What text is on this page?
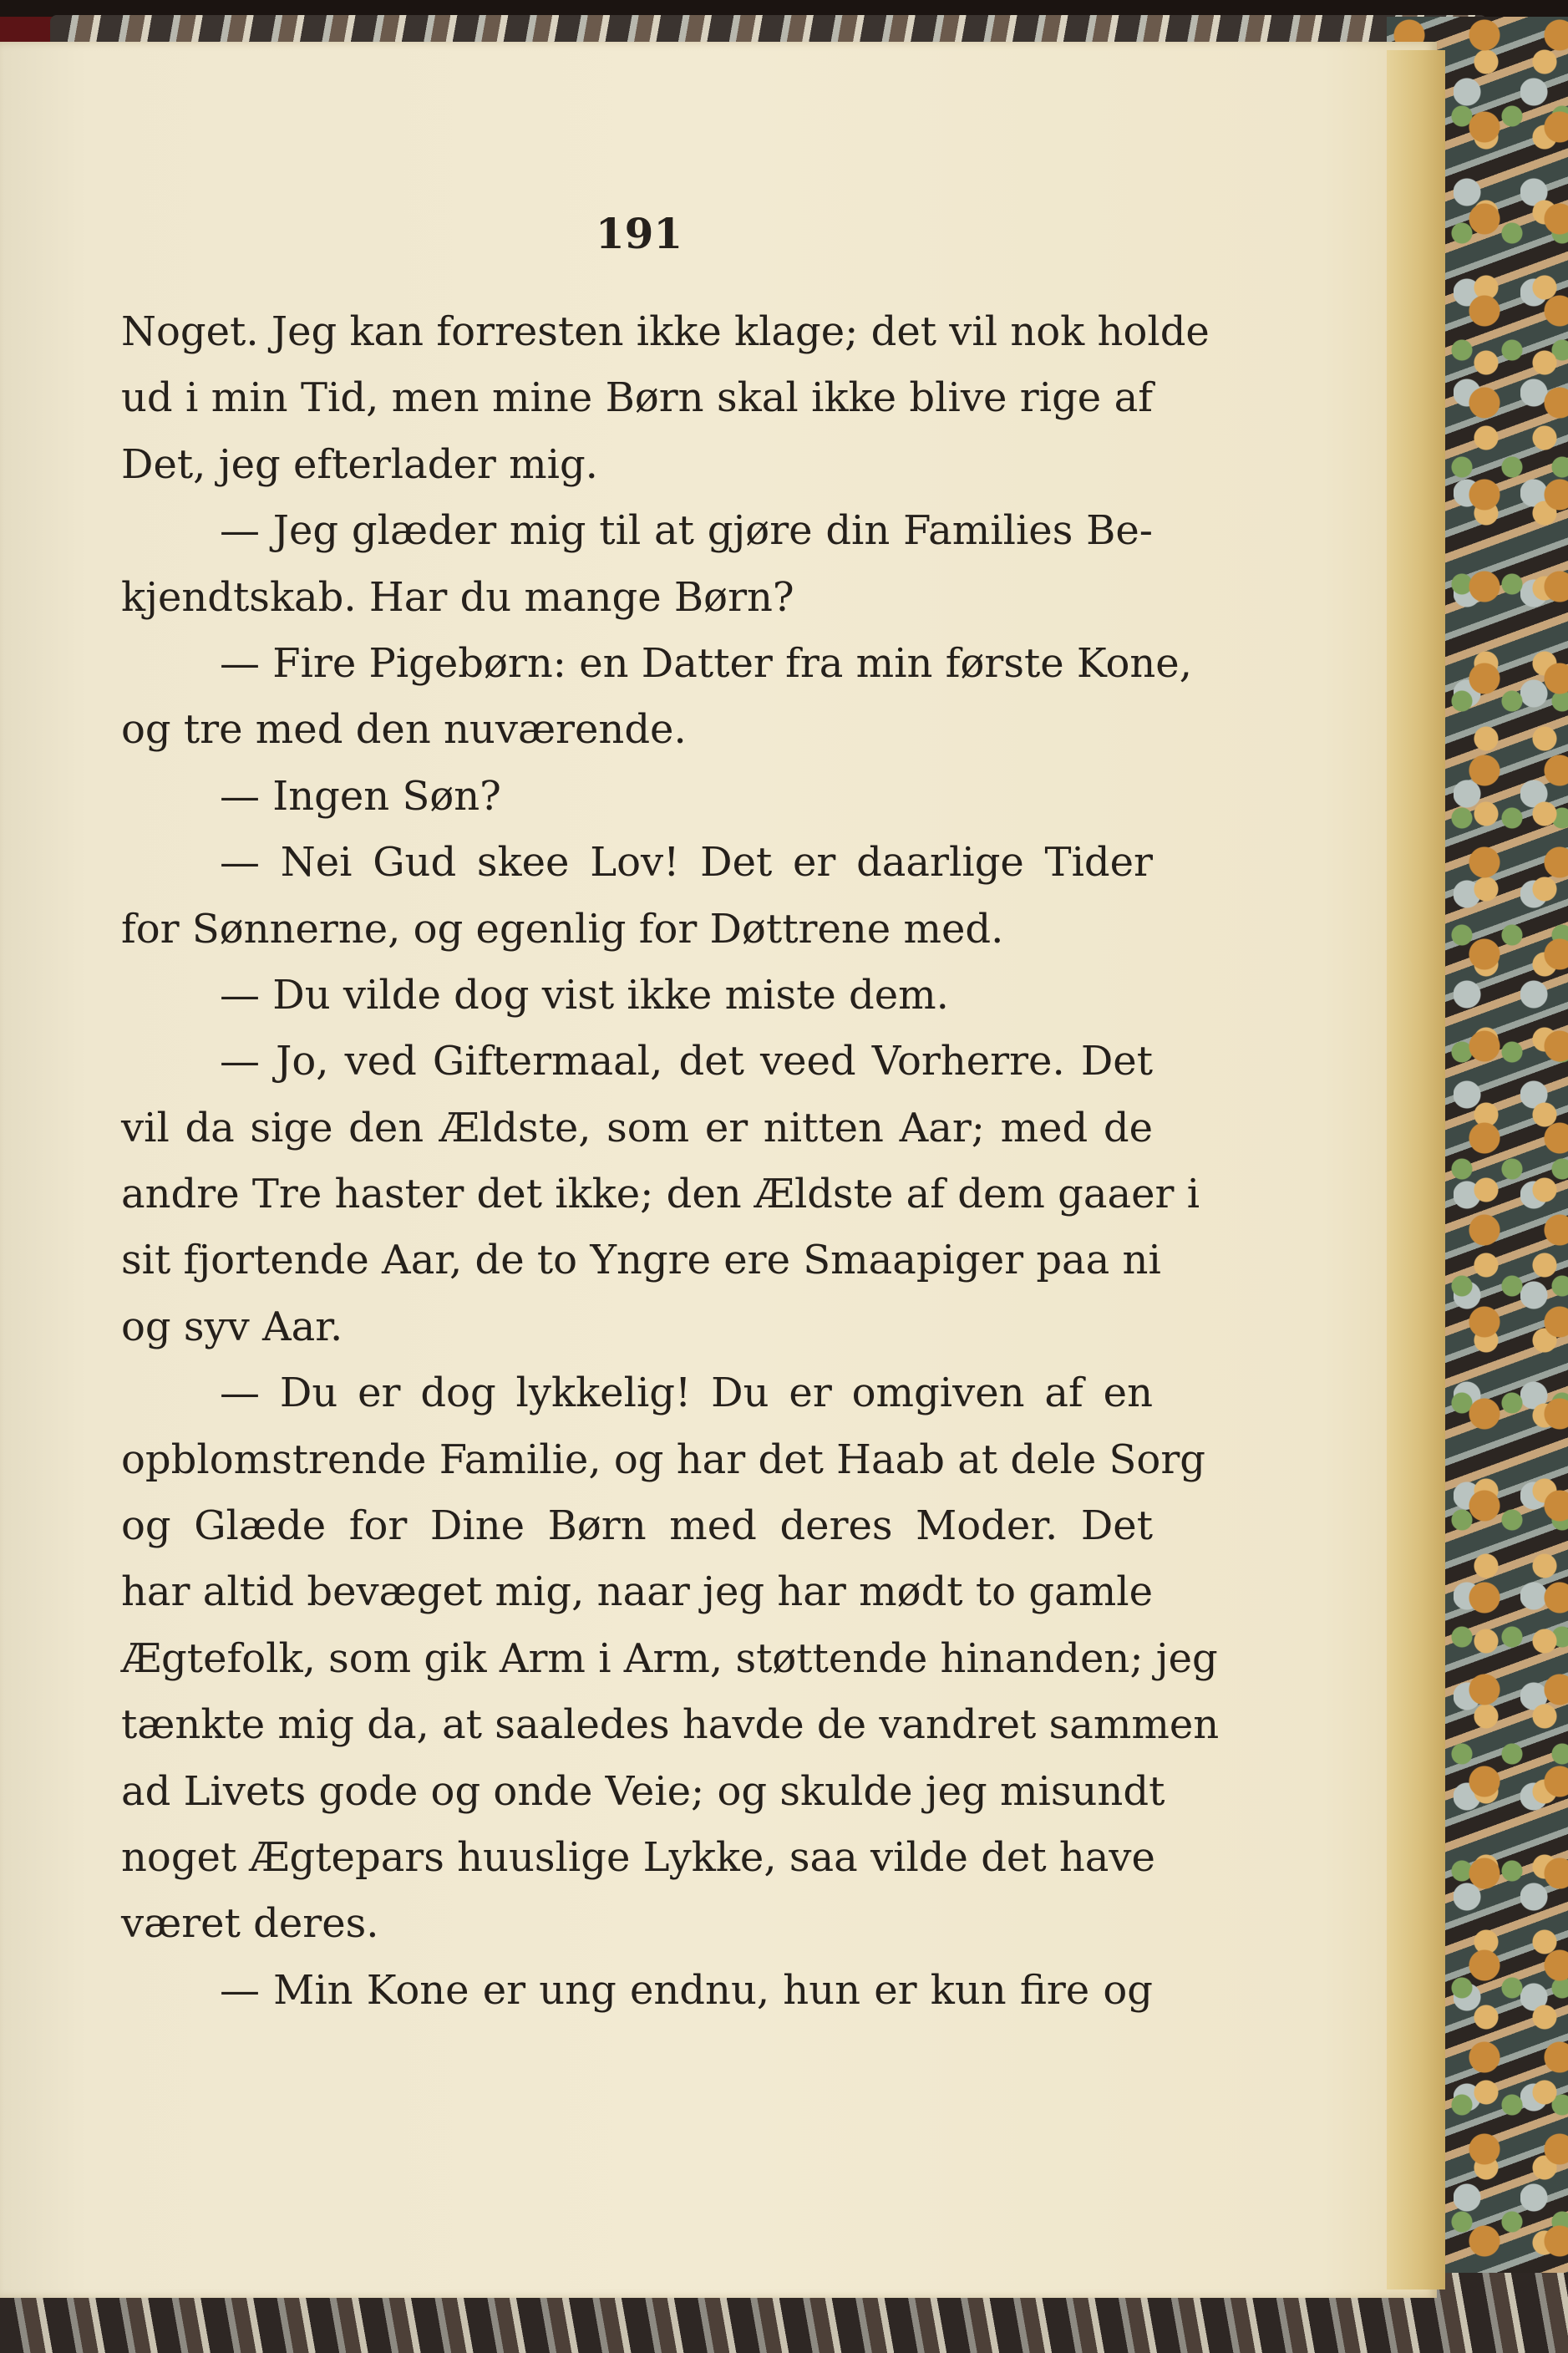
191
Noget. Jeg kan forresten ikke klage; det vil nok holde
ud i min Tid, men mine Børn skal ikke blive rige af
Det, jeg efterlader mig.
— Jeg glæder mig til at gjøre din Families Be-
kjendtskab. Har du mange Børn?
— Fire Pigebørn: en Datter fra min første Kone,
og tre med den nuværende.
— Ingen Søn?
— Nei Gud skee Lov! Det er daarlige Tider
for Sønnerne, og egenlig for Døttrene med.
— Du vilde dog vist ikke miste dem.
— Jo, ved Giftermaal, det veed Vorherre. Det
vil da sige den Ældste, som er nitten Aar; med de
andre Tre haster det ikke; den Ældste af dem gaaer i
sit fjortende Aar, de to Yngre ere Smaapiger paa ni
og syv Aar.
— Du er dog lykkelig! Du er omgiven af en
opblomstrende Familie, og har det Haab at dele Sorg
og Glæde for Dine Børn med deres Moder. Det
har altid bevæget mig, naar jeg har mødt to gamle
Ægtefolk, som gik Arm i Arm, støttende hinanden; jeg
tænkte mig da, at saaledes havde de vandret sammen
ad Livets gode og onde Veie; og skulde jeg misundt
noget Ægtepars huuslige Lykke, saa vilde det have
været deres.
— Min Kone er ung endnu, hun er kun fire og
